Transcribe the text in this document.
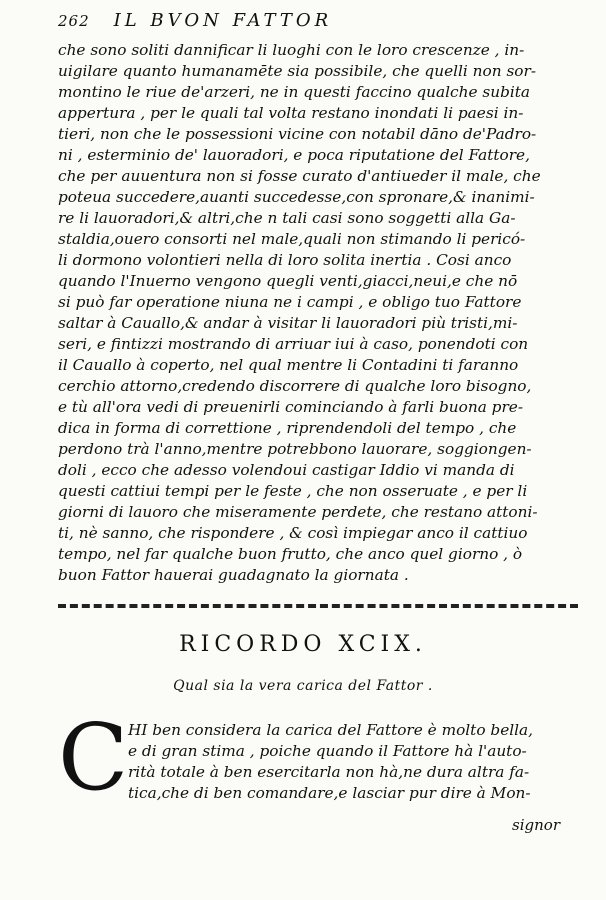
262 IL BVON FATTOR
che sono soliti dannificar li luoghi con le loro crescenze , in-
uigilare quanto humanamēte sia possibile, che quelli non sor-
montino le riue de'arzeri, ne in questi faccino qualche subita
appertura , per le quali tal volta restano inondati li paesi in-
tieri, non che le possessioni vicine con notabil dāno de'Padro-
ni , esterminio de' lauoradori, e poca riputatione del Fattore,
che per auuentura non si fosse curato d'antiueder il male, che
poteua succedere,auanti succedesse,con spronare,& inanimi-
re li lauoradori,& altri,che n tali casi sono soggetti alla Ga-
staldia,ouero consorti nel male,quali non stimando li pericó-
li dormono volontieri nella di loro solita inertia . Cosi anco
quando l'Inuerno vengono quegli venti,giacci,neui,e che nō
si può far operatione niuna ne i campi , e obligo tuo Fattore
saltar à Cauallo,& andar à visitar li lauoradori più tristi,mi-
seri, e fintizzi mostrando di arriuar iui à caso, ponendoti con
il Cauallo à coperto, nel qual mentre li Contadini ti faranno
cerchio attorno,credendo discorrere di qualche loro bisogno,
e tù all'ora vedi di preuenirli cominciando à farli buona pre-
dica in forma di correttione , riprendendoli del tempo , che
perdono trà l'anno,mentre potrebbono lauorare, soggiongen-
doli , ecco che adesso volendoui castigar Iddio vi manda di
questi cattiui tempi per le feste , che non osseruate , e per li
giorni di lauoro che miseramente perdete, che restano attoni-
ti, nè sanno, che rispondere , & così impiegar anco il cattiuo
tempo, nel far qualche buon frutto, che anco quel giorno , ò
buon Fattor hauerai guadagnato la giornata .
RICORDO XCIX.
Qual sia la vera carica del Fattor .
C HI ben considera la carica del Fattore è molto bella,
e di gran stima , poiche quando il Fattore hà l'auto-
rità totale à ben esercitarla non hà,ne dura altra fa-
tica,che di ben comandare,e lasciar pur dire à Mon-
signor
